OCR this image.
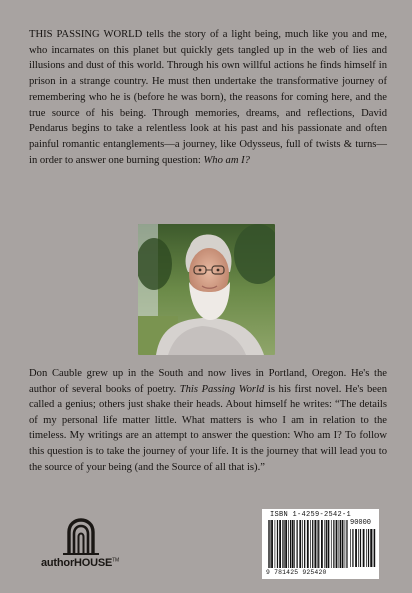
THIS PASSING WORLD tells the story of a light being, much like you and me, who incarnates on this planet but quickly gets tangled up in the web of lies and illusions and dust of this world. Through his own willful actions he finds himself in prison in a strange country. He must then undertake the transformative journey of remembering who he is (before he was born), the reasons for coming here, and the true source of his being. Through memories, dreams, and reflections, David Pendarus begins to take a relentless look at his past and his passionate and often painful romantic entanglements—a journey, like Odysseus, full of twists & turns—in order to answer one burning question: Who am I?

Don Cauble grew up in the South and now lives in Portland, Oregon. He's the author of several books of poetry. This Passing World is his first novel. He's been called a genius; others just shake their heads. About himself he writes: “The details of my personal life matter little. What matters is who I am in relation to the timeless. My writings are an attempt to answer the question: Who am I? To follow this question is to take the journey of your life. It is the journey that will lead you to the source of your being (and the Source of all that is).”

authorHOUSE™
ISBN 1-4259-2542-1
90000
9 781425 925420
